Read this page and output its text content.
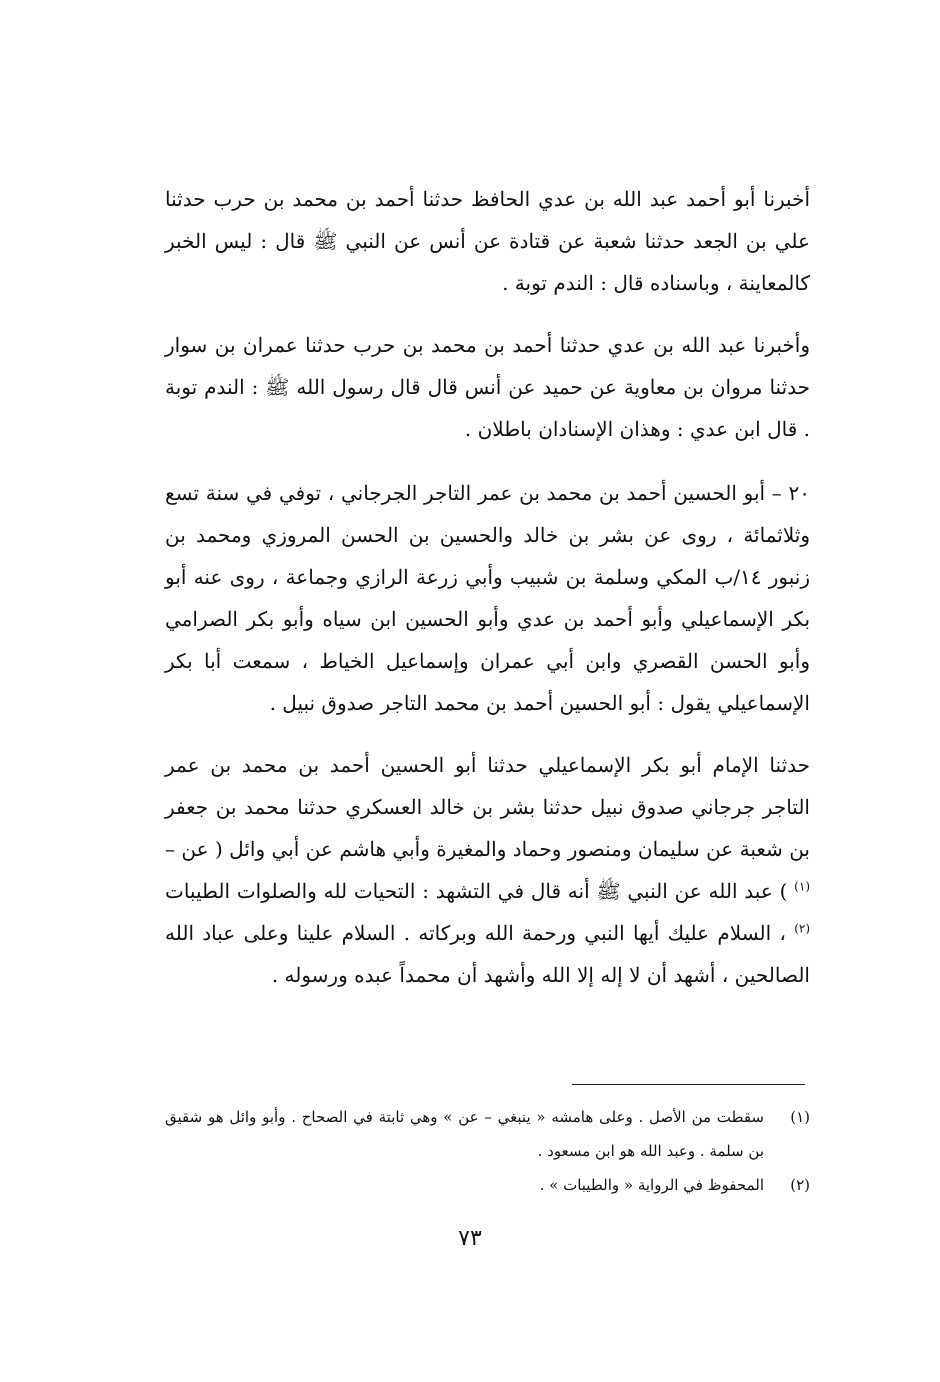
أخبرنا أبو أحمد عبد الله بن عدي الحافظ حدثنا أحمد بن محمد بن حرب حدثنا علي بن الجعد حدثنا شعبة عن قتادة عن أنس عن النبي ﷺ قال : ليس الخبر كالمعاينة ، وباسناده قال : الندم توبة .

وأخبرنا عبد الله بن عدي حدثنا أحمد بن محمد بن حرب حدثنا عمران بن سوار حدثنا مروان بن معاوية عن حميد عن أنس قال قال رسول الله ﷺ : الندم توبة . قال ابن عدي : وهذان الإسنادان باطلان .

٢٠ – أبو الحسين أحمد بن محمد بن عمر التاجر الجرجاني ، توفي في سنة تسع وثلاثمائة ، روى عن بشر بن خالد والحسين بن الحسن المروزي ومحمد بن زنبور ١٤/ب المكي وسلمة بن شبيب وأبي زرعة الرازي وجماعة ، روى عنه أبو بكر الإسماعيلي وأبو أحمد بن عدي وأبو الحسين ابن سياه وأبو بكر الصرامي وأبو الحسن القصري وابن أبي عمران وإسماعيل الخياط ، سمعت أبا بكر الإسماعيلي يقول : أبو الحسين أحمد بن محمد التاجر صدوق نبيل .

حدثنا الإمام أبو بكر الإسماعيلي حدثنا أبو الحسين أحمد بن محمد بن عمر التاجر جرجاني صدوق نبيل حدثنا بشر بن خالد العسكري حدثنا محمد بن جعفر بن شعبة عن سليمان ومنصور وحماد والمغيرة وأبي هاشم عن أبي وائل ( عن – $^{(١)}$ ) عبد الله عن النبي ﷺ أنه قال في التشهد : التحيات لله والصلوات الطيبات $^{(٢)}$ ، السلام عليك أيها النبي ورحمة الله وبركاته . السلام علينا وعلى عباد الله الصالحين ، أشهد أن لا إله إلا الله وأشهد أن محمداً عبده ورسوله .

(١)
سقطت من الأصل . وعلى هامشه « ينبغي – عن » وهي ثابتة في الصحاح . وأبو وائل هو شقيق بن سلمة . وعبد الله هو ابن مسعود .

(٢)
المحفوظ في الرواية « والطيبات » .

٧٣
